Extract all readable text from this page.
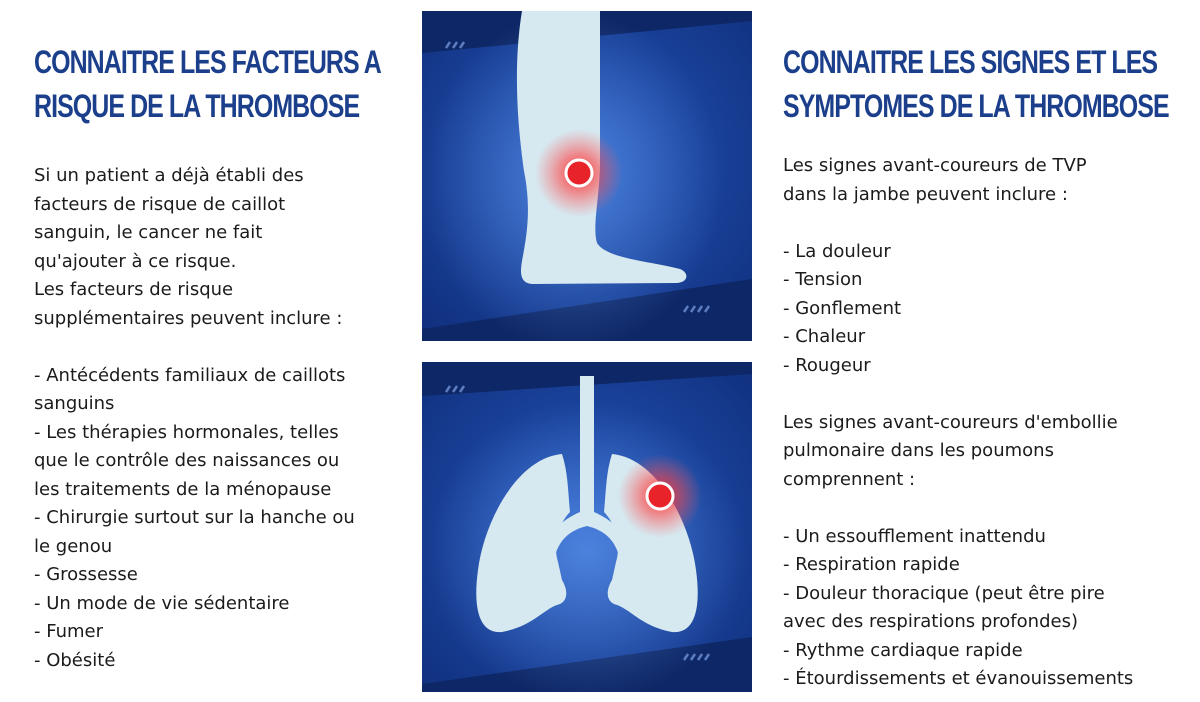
CONNAITRE LES FACTEURS A
RISQUE DE LA THROMBOSE

Si un patient a déjà établi des

facteurs de risque de caillot

sanguin, le cancer ne fait

qu'ajouter à ce risque.

Les facteurs de risque

supplémentaires peuvent inclure :

- Antécédents familiaux de caillots

sanguins

- Les thérapies hormonales, telles

que le contrôle des naissances ou

les traitements de la ménopause

- Chirurgie surtout sur la hanche ou

le genou

- Grossesse

- Un mode de vie sédentaire

- Fumer

- Obésité

CONNAITRE LES SIGNES ET LES
SYMPTOMES DE LA THROMBOSE

Les signes avant-coureurs de TVP

dans la jambe peuvent inclure :

- La douleur

- Tension

- Gonflement

- Chaleur

- Rougeur

Les signes avant-coureurs d'embollie

pulmonaire dans les poumons

comprennent :

- Un essoufflement inattendu

- Respiration rapide

- Douleur thoracique (peut être pire

avec des respirations profondes)

- Rythme cardiaque rapide

- Étourdissements et évanouissements
